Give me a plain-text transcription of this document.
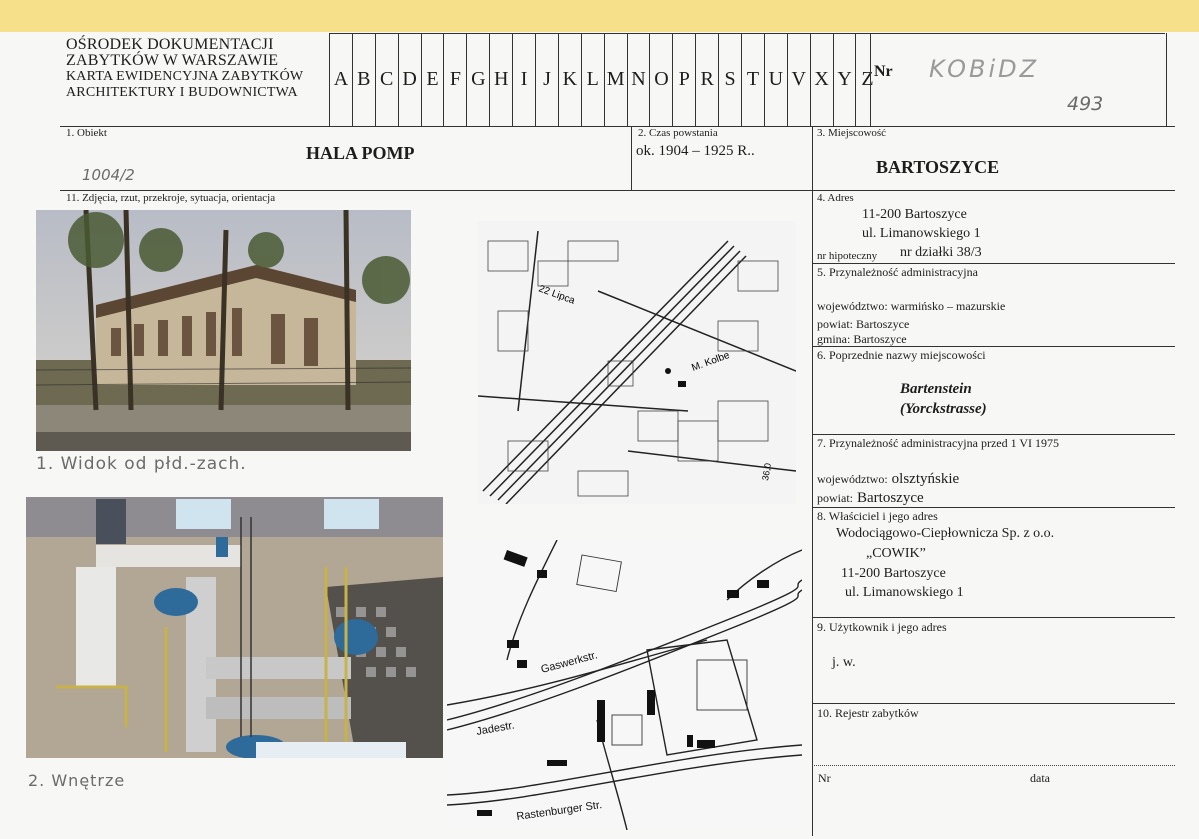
OŚRODEK DOKUMENTACJI
ZABYTKÓW W WARSZAWIE
KARTA EWIDENCYJNA ZABYTKÓW
ARCHITEKTURY I BUDOWNICTWA
A B C D E F G H I J K L M N O P R S T U V X Y Z Nr KOBiDZ
493
1. Obiekt
HALA POMP
1004/2
2. Czas powstania
ok. 1904 – 1925 R..
3. Miejscowość
BARTOSZYCE
11. Zdjęcia, rzut, przekroje, sytuacja, orientacja
1. Widok od płd.-zach.
M. Kolbe
22 Lipca
36,0
2. Wnętrze
Gaswerkstr.
Jadestr.
Rastenburger Str.
4. Adres
11-200 Bartoszyce
ul. Limanowskiego 1
nr hipoteczny nr działki 38/3
5. Przynależność administracyjna
województwo: warmińsko – mazurskie
powiat: Bartoszyce
gmina: Bartoszyce
6. Poprzednie nazwy miejscowości
Bartenstein
(Yorckstrasse)
7. Przynależność administracyjna przed 1 VI 1975
województwo: olsztyńskie
powiat: Bartoszyce
8. Właściciel i jego adres
Wodociągowo-Ciepłownicza Sp. z o.o.
„COWIK”
11-200 Bartoszyce
ul. Limanowskiego 1
9. Użytkownik i jego adres
j. w.
10. Rejestr zabytków
Nr	data
